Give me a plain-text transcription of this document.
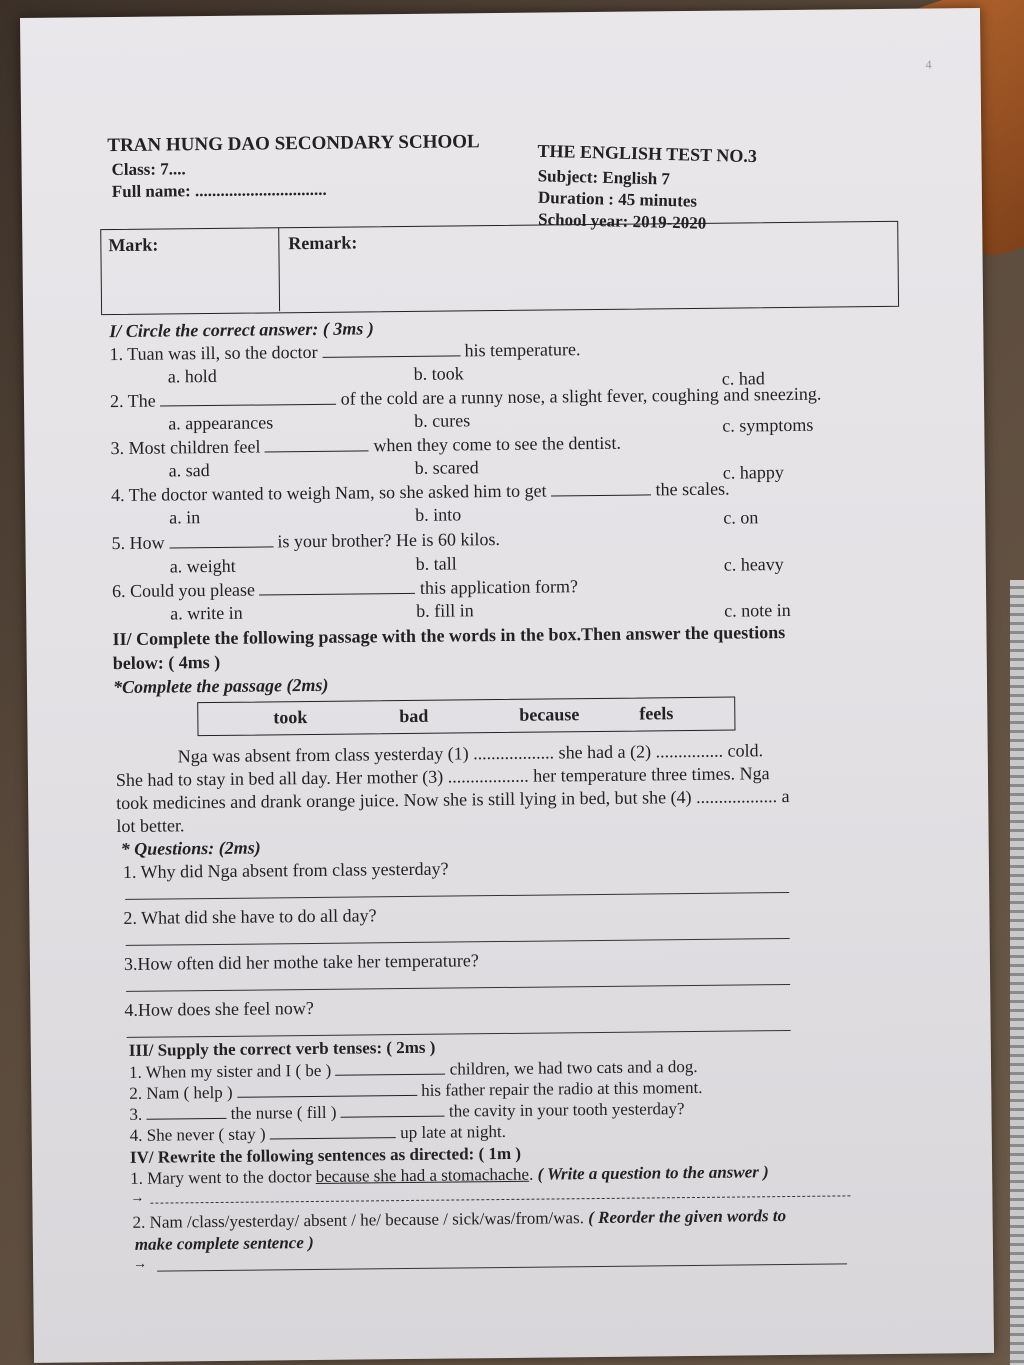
TRAN HUNG DAO SECONDARY SCHOOL
Class: 7....
Full name: ...............................
THE ENGLISH TEST NO.3
Subject: English 7
Duration : 45 minutes
School year: 2019-2020
4
Mark:	Remark:
I/ Circle the correct answer: ( 3ms )
1. Tuan was ill, so the doctor	his temperature.
a. hold	b. took	c. had
2. The	of the cold are a runny nose, a slight fever, coughing and sneezing.
a. appearances	b. cures	c. symptoms
3. Most children feel	when they come to see the dentist.
a. sad	b. scared	c. happy
4. The doctor wanted to weigh Nam, so she asked him to get	the scales.
a. in	b. into	c. on
5. How	is your brother? He is 60 kilos.
a. weight	b. tall	c. heavy
6. Could you please	this application form?
a. write in	b. fill in	c. note in
II/ Complete the following passage with the words in the box.Then answer the questions
below: ( 4ms )
*Complete the passage (2ms)
took	bad	because	feels
Nga was absent from class yesterday (1) .................. she had a (2) ............... cold.
She had to stay in bed all day. Her mother (3) .................. her temperature three times. Nga
took medicines and drank orange juice. Now she is still lying in bed, but she (4) .................. a
lot better.
* Questions: (2ms)
1. Why did Nga absent from class yesterday?
2. What did she have to do all day?
3.How often did her mothe take her temperature?
4.How does she feel now?
III/ Supply the correct verb tenses: ( 2ms )
1. When my sister and I ( be )	children, we had two cats and a dog.
2. Nam ( help )	his father repair the radio at this moment.
3.	the nurse ( fill )	the cavity in your tooth yesterday?
4. She never ( stay )	up late at night.
IV/ Rewrite the following sentences as directed: ( 1m )
1. Mary went to the doctor because she had a stomachache. ( Write a question to the answer )
→
2. Nam /class/yesterday/ absent / he/ because / sick/was/from/was. ( Reorder the given words to
make complete sentence )
→
